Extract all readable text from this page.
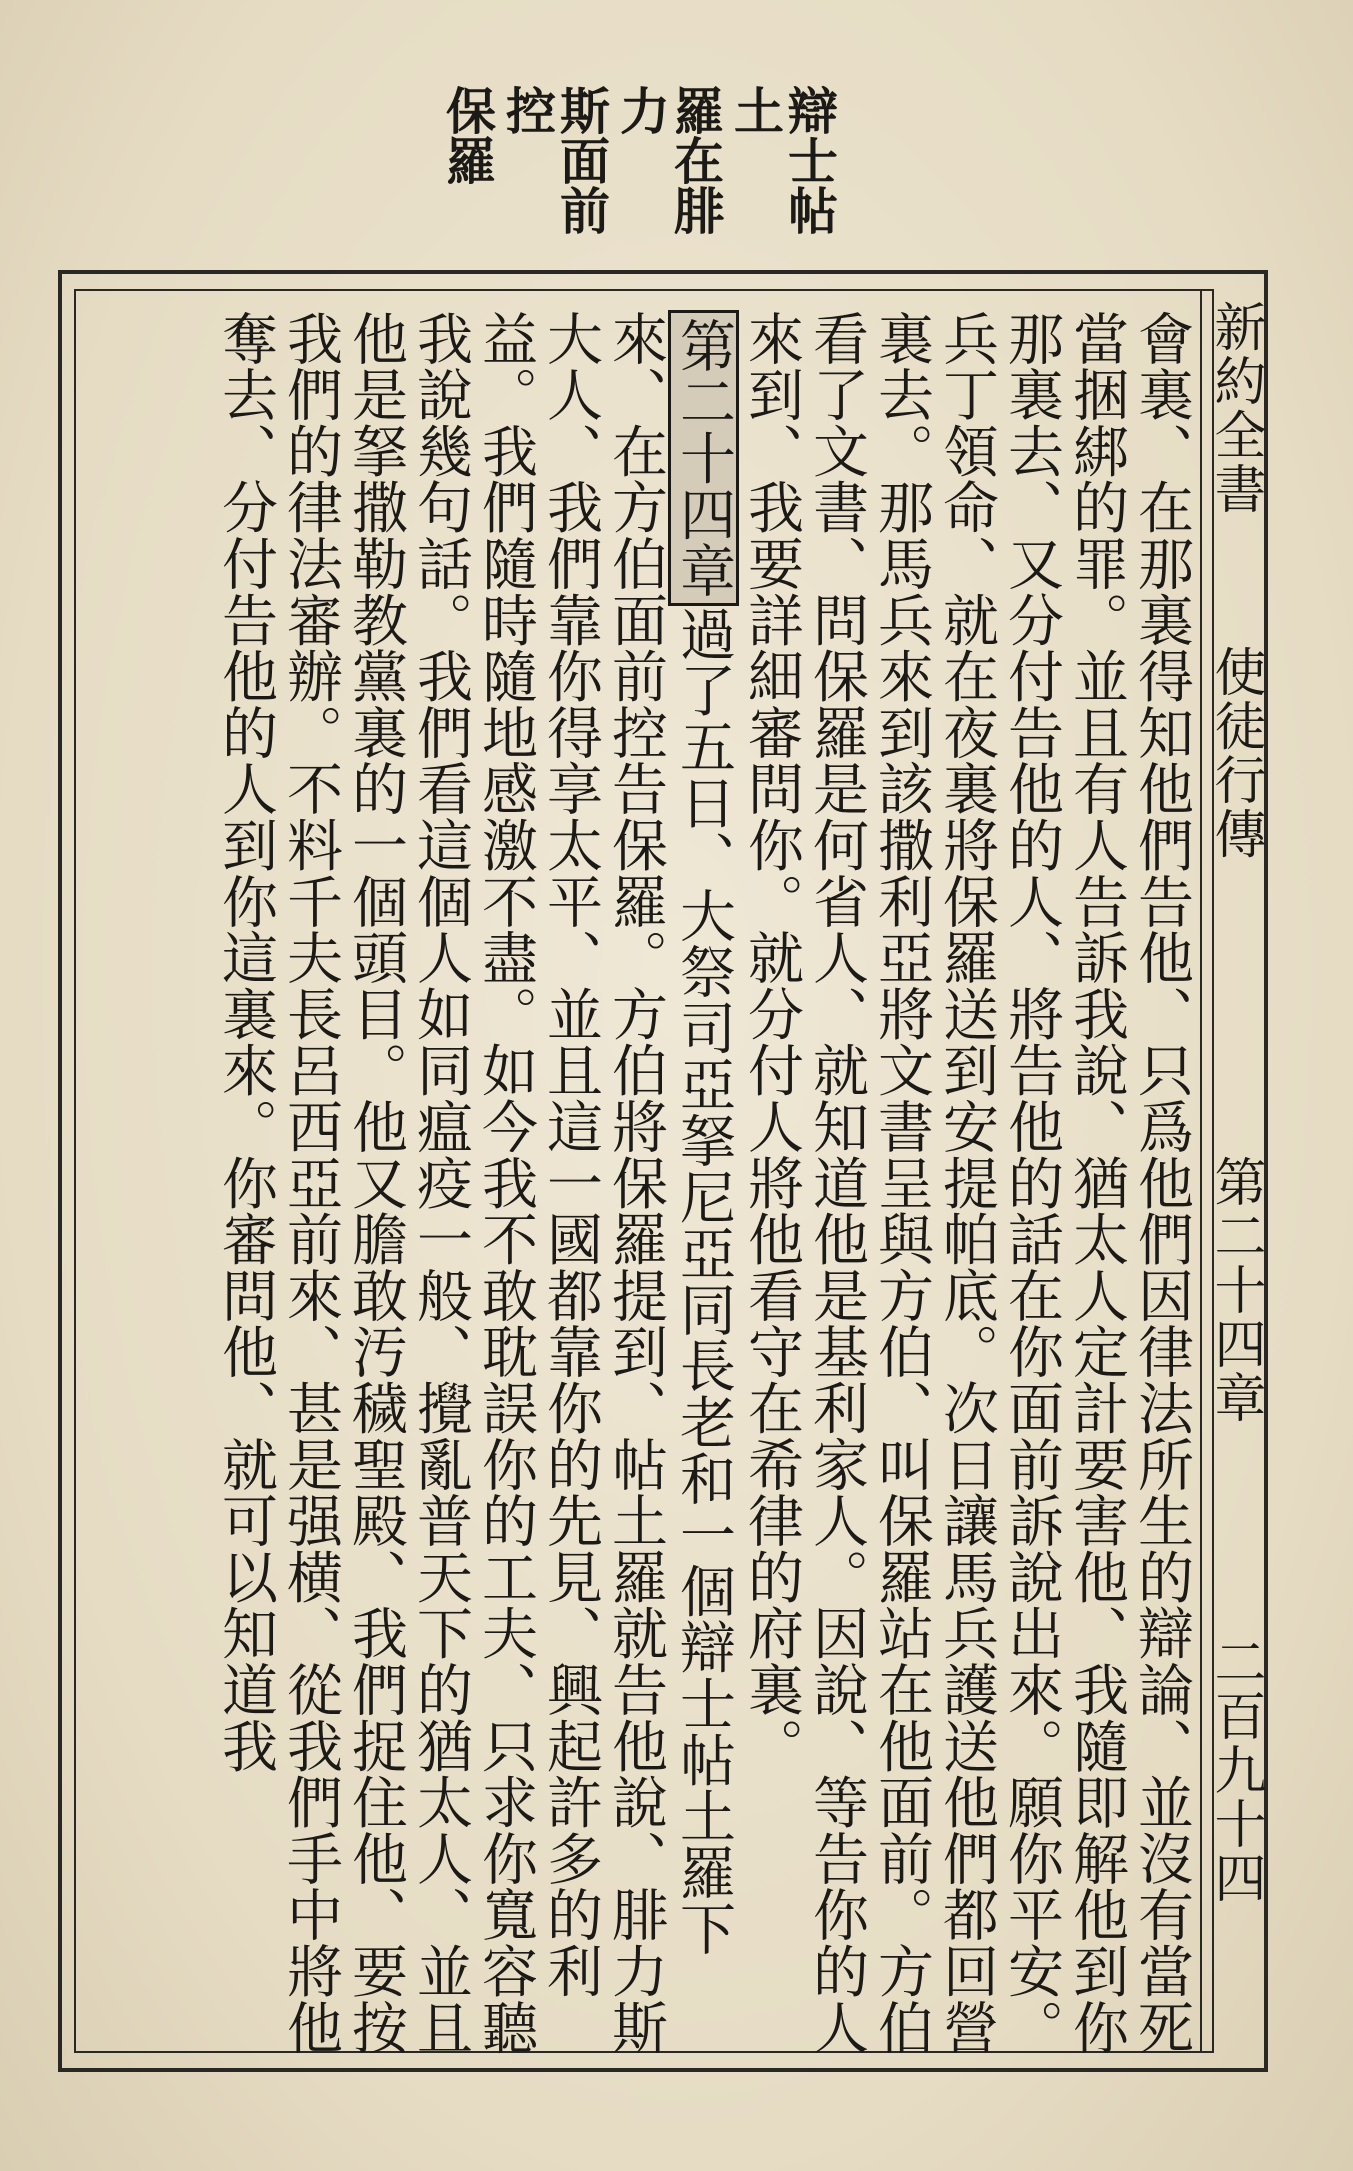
辯士帖土
羅在腓力
斯面前控
保羅
新約全書
使徒行傳
第二十四章
二百九十四

會裏、在那裏得知他們告他、只爲他們因律法所生的辯論、並沒有當死當捆綁的罪。並且有人告訴我說、猶太人定計要害他、我隨即解他到你那裏去、又分付告他的人、將告他的話在你面前訴說出來。願你平安。兵丁領命、就在夜裏將保羅送到安提帕底。次日讓馬兵護送他們都回營裏去。那馬兵來到該撒利亞將文書呈與方伯、叫保羅站在他面前。方伯看了文書、問保羅是何省人、就知道他是基利家人。因說、等告你的人來到、我要詳細審問你。就分付人將他看守在希律的府裏。

第二十四章過了五日、大祭司亞拏尼亞同長老和一個辯士帖土羅下來、在方伯面前控告保羅。方伯將保羅提到、帖土羅就告他說、腓力斯大人、我們靠你得享太平、並且這一國都靠你的先見、興起許多的利益。我們隨時隨地感激不盡。如今我不敢耽誤你的工夫、只求你寬容聽我說幾句話。我們看這個人如同瘟疫一般、攪亂普天下的猶太人、並且他是拏撒勒教黨裏的一個頭目。他又膽敢汚穢聖殿、我們捉住他、要按我們的律法審辦。不料千夫長呂西亞前來、甚是强横、從我們手中將他奪去、分付告他的人到你這裏來。你審問他、就可以知道我
